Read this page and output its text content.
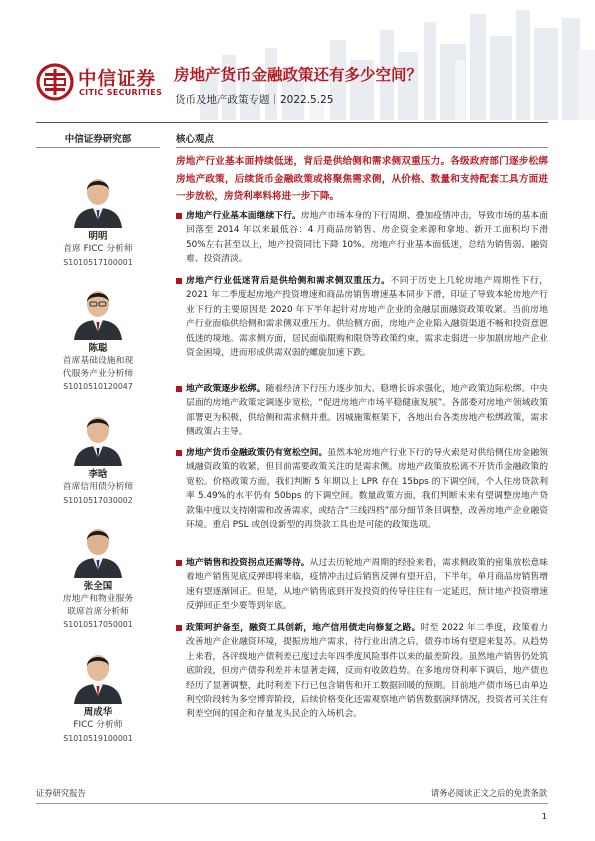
中信证券
CITIC SECURITIES
房地产货币金融政策还有多少空间？
货币及地产政策专题｜2022.5.25
中信证券研究部	核心观点
明明
首席 FICC 分析师
S1010517100001
陈聪
首席基础设施和现
代服务产业分析师
S1010510120047
李晗
首席信用债分析师
S1010517030002
张全国
房地产和物业服务
联席首席分析师
S1010517050001
周成华
FICC 分析师
S1010519100001
房地产行业基本面持续低迷，背后是供给侧和需求侧双重压力。各级政府部门逐步松绑房地产政策，后续货币金融政策或将聚焦需求侧，从价格、数量和支持配套工具方面进一步放松，房贷利率料将进一步下降。
房地产行业基本面继续下行。房地产市场本身的下行周期、叠加疫情冲击，导致市场的基本面回落至 2014 年以来最低谷：4 月商品房销售、房企资金来源和拿地、新开工面积均下滑 50%左右甚至以上，地产投资同比下降 10%。房地产行业基本面低迷，总结为销售弱、融资难、投资清淡。
房地产行业低迷背后是供给侧和需求侧双重压力。不同于历史上几轮房地产周期性下行，2021 年二季度起房地产投资增速和商品房销售增速基本同步下滑，印证了导致本轮房地产行业下行的主要原因是 2020 年下半年起针对房地产企业的金融层面融资政策收紧。当前房地产行业面临供给侧和需求侧双重压力。供给侧方面，房地产企业陷入融资渠道不畅和投资意愿低迷的境地。需求侧方面，居民面临限购和限贷等政策约束，需求走弱进一步加剧房地产企业资金困境，进而形成供需双弱的螺旋加速下跌。
地产政策逐步松绑。随着经济下行压力逐步加大、稳增长诉求强化，地产政策边际松绑。中央层面的房地产政策定调逐步宽松，“促进房地产市场平稳健康发展”。各部委对房地产领域政策部署更为积极，供给侧和需求侧并重。因城施策框架下，各地出台各类房地产松绑政策，需求侧政策占主导。
房地产货币金融政策仍有宽松空间。虽然本轮房地产行业下行的导火索是对供给侧住房金融领域融资政策的收紧，但目前需要政策关注的是需求侧。房地产政策放松离不开货币金融政策的宽松。价格政策方面，我们判断 5 年期以上 LPR 存在 15bps 的下调空间，个人住房贷款利率 5.49%的水平仍有 50bps 的下调空间。数量政策方面，我们判断未来有望调整房地产贷款集中度以支持刚需和改善需求，或结合“三线四档”部分细节条目调整，改善房地产企业融资环境。重启 PSL 或创设新型的再贷款工具也是可能的政策选项。
地产销售和投资拐点还需等待。从过去历轮地产周期的经验来看，需求侧政策的密集放松意味着地产销售见底反弹即将来临，疫情冲击过后销售反弹有望开启，下半年，单月商品房销售增速有望逐渐回正。但是，从地产销售底到开发投资的传导往往有一定延迟，预计地产投资增速反弹回正至少要等到年底。
政策呵护备至，融资工具创新，地产信用债走向修复之路。时至 2022 年二季度，政策着力改善地产企业融资环境，提振房地产需求，待行业出清之后，债券市场有望迎来复苏。从趋势上来看，各评级地产债利差已度过去年四季度风险事件以来的最差阶段。虽然地产销售仍处筑底阶段，但房产债券利差并未显著走阔，反而有收敛趋势。在多地房贷利率下调后，地产债也经历了显著调整，此时利差下行已包含销售和开工数据回暖的预期。目前地产债市场已由单边利空阶段转为多空博弈阶段，后续价格变化还需观察地产销售数据演绎情况，投资者可关注有利差空间的国企和存量龙头民企的入场机会。
证券研究报告	请务必阅读正文之后的免责条款
1
